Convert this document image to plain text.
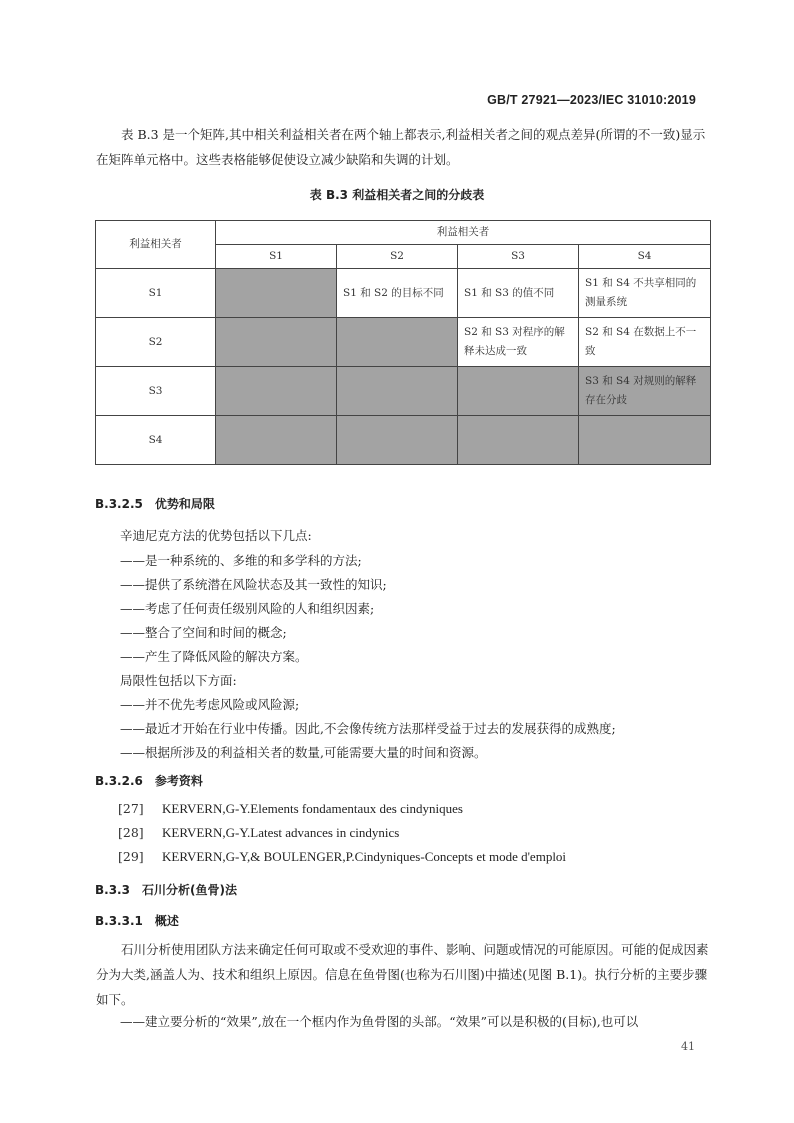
GB/T 27921—2023/IEC 31010:2019

表 B.3 是一个矩阵,其中相关利益相关者在两个轴上都表示,利益相关者之间的观点差异(所谓的不一致)显示在矩阵单元格中。这些表格能够促使设立减少缺陷和失调的计划。

表 B.3 利益相关者之间的分歧表
利益相关者	利益相关者			
	S1	S2	S3	S4
S1		S1 和 S2 的目标不同	S1 和 S3 的值不同	S1 和 S4 不共享相同的测量系统
S2			S2 和 S3 对程序的解释未达成一致	S2 和 S4 在数据上不一致
S3				S3 和 S4 对规则的解释存在分歧
S4				
B.3.2.5 优势和局限
辛迪尼克方法的优势包括以下几点:
——是一种系统的、多维的和多学科的方法;
——提供了系统潜在风险状态及其一致性的知识;
——考虑了任何责任级别风险的人和组织因素;
——整合了空间和时间的概念;
——产生了降低风险的解决方案。
局限性包括以下方面:
——并不优先考虑风险或风险源;
——最近才开始在行业中传播。因此,不会像传统方法那样受益于过去的发展获得的成熟度;
——根据所涉及的利益相关者的数量,可能需要大量的时间和资源。
B.3.2.6 参考资料
[27] KERVERN,G-Y.Elements fondamentaux des cindyniques
[28] KERVERN,G-Y.Latest advances in cindynics
[29] KERVERN,G-Y,& BOULENGER,P.Cindyniques-Concepts et mode d'emploi
B.3.3 石川分析(鱼骨)法
B.3.3.1 概述

石川分析使用团队方法来确定任何可取或不受欢迎的事件、影响、问题或情况的可能原因。可能的促成因素分为大类,涵盖人为、技术和组织上原因。信息在鱼骨图(也称为石川图)中描述(见图 B.1)。执行分析的主要步骤如下。

——建立要分析的“效果”,放在一个框内作为鱼骨图的头部。“效果”可以是积极的(目标),也可以
41
